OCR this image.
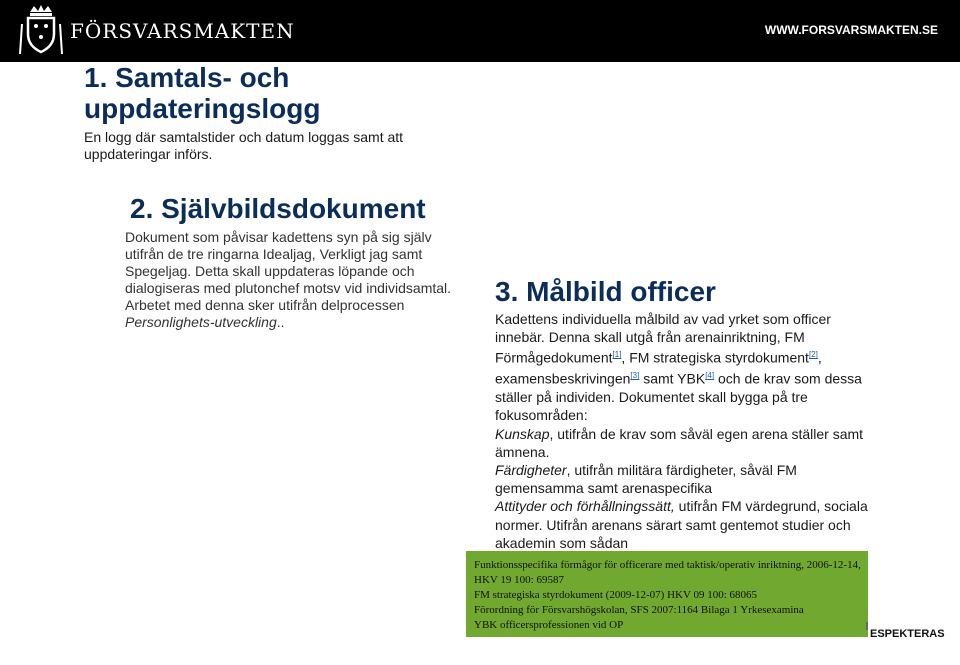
FÖRSVARSMAKTEN	WWW.FORSVARSMAKTEN.SE
1. Samtals- och uppdateringslogg
En logg där samtalstider och datum loggas samt att uppdateringar införs.
2. Självbildsdokument
Dokument som påvisar kadettens syn på sig själv utifrån de tre ringarna Idealjag, Verkligt jag samt Spegeljag. Detta skall uppdateras löpande och dialogiseras med plutonchef motsv vid individsamtal. Arbetet med denna sker utifrån delprocessen Personlighets-utveckling..
3. Målbild officer
Kadettens individuella målbild av vad yrket som officer innebär. Denna skall utgå från arenainriktning, FM Förmågedokument[1], FM strategiska styrdokument[2], examensbeskrivingen[3] samt YBK[4] och de krav som dessa ställer på individen. Dokumentet skall bygga på tre fokusområden:
Kunskap, utifrån de krav som såväl egen arena ställer samt ämnena.
Färdigheter, utifrån militära färdigheter, såväl FM gemensamma samt arenaspecifika
Attityder och förhållningssätt, utifrån FM värdegrund, sociala normer. Utifrån arenans särart samt gentemot studier och akademin som sådan
Funktionsspecifika förmågor för officerare med taktisk/operativ inriktning, 2006-12-14, HKV 19 100: 69587
FM strategiska styrdokument (2009-12-07) HKV 09 100: 68065
Förordning för Försvarshögskolan, SFS 2007:1164 Bilaga 1 Yrkesexamina
YBK officersprofessionen vid OP
ESPEKTERAS
